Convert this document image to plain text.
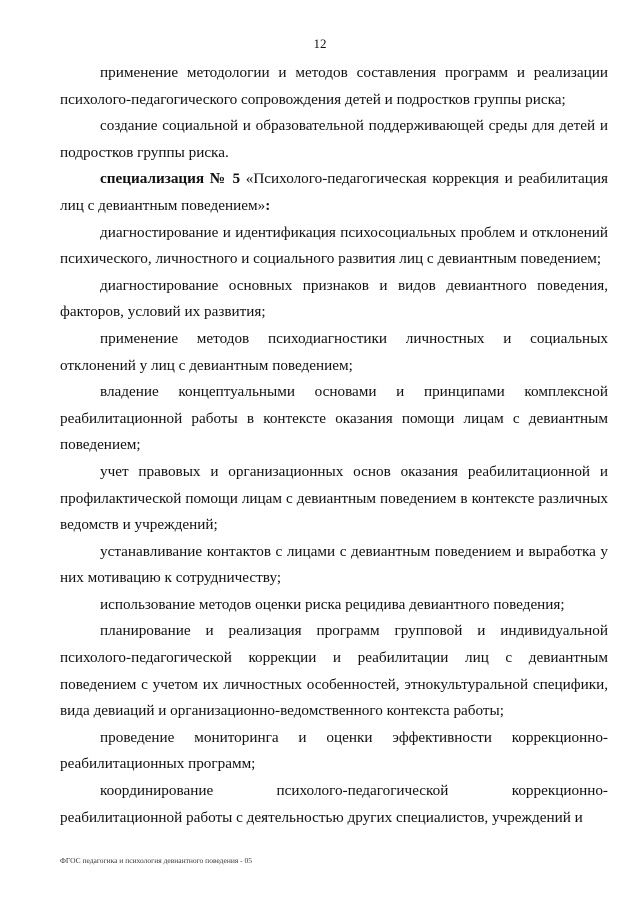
12

применение методологии и методов составления программ и реализации психолого-педагогического сопровождения детей и подростков группы риска;

создание социальной и образовательной поддерживающей среды для детей и подростков группы риска.

специализация № 5 «Психолого-педагогическая коррекция и реабилитация лиц с девиантным поведением»:

диагностирование и идентификация психосоциальных проблем и отклонений психического, личностного и социального развития лиц с девиантным поведением;

диагностирование основных признаков и видов девиантного поведения, факторов, условий их развития;

применение методов психодиагностики личностных и социальных отклонений у лиц с девиантным поведением;

владение концептуальными основами и принципами комплексной реабилитационной работы в контексте оказания помощи лицам с девиантным поведением;

учет правовых и организационных основ оказания реабилитационной и профилактической помощи лицам с девиантным поведением в контексте различных ведомств и учреждений;

устанавливание контактов с лицами с девиантным поведением и выработка у них мотивацию к сотрудничеству;

использование методов оценки риска рецидива девиантного поведения;

планирование и реализация программ групповой и индивидуальной психолого-педагогической коррекции и реабилитации лиц с девиантным поведением с учетом их личностных особенностей, этнокультуральной специфики, вида девиаций и организационно-ведомственного контекста работы;

проведение мониторинга и оценки эффективности коррекционно-реабилитационных программ;

координирование психолого-педагогической коррекционно-реабилитационной работы с деятельностью других специалистов, учреждений и

ФГОС педагогика и психология девиантного поведения - 05
